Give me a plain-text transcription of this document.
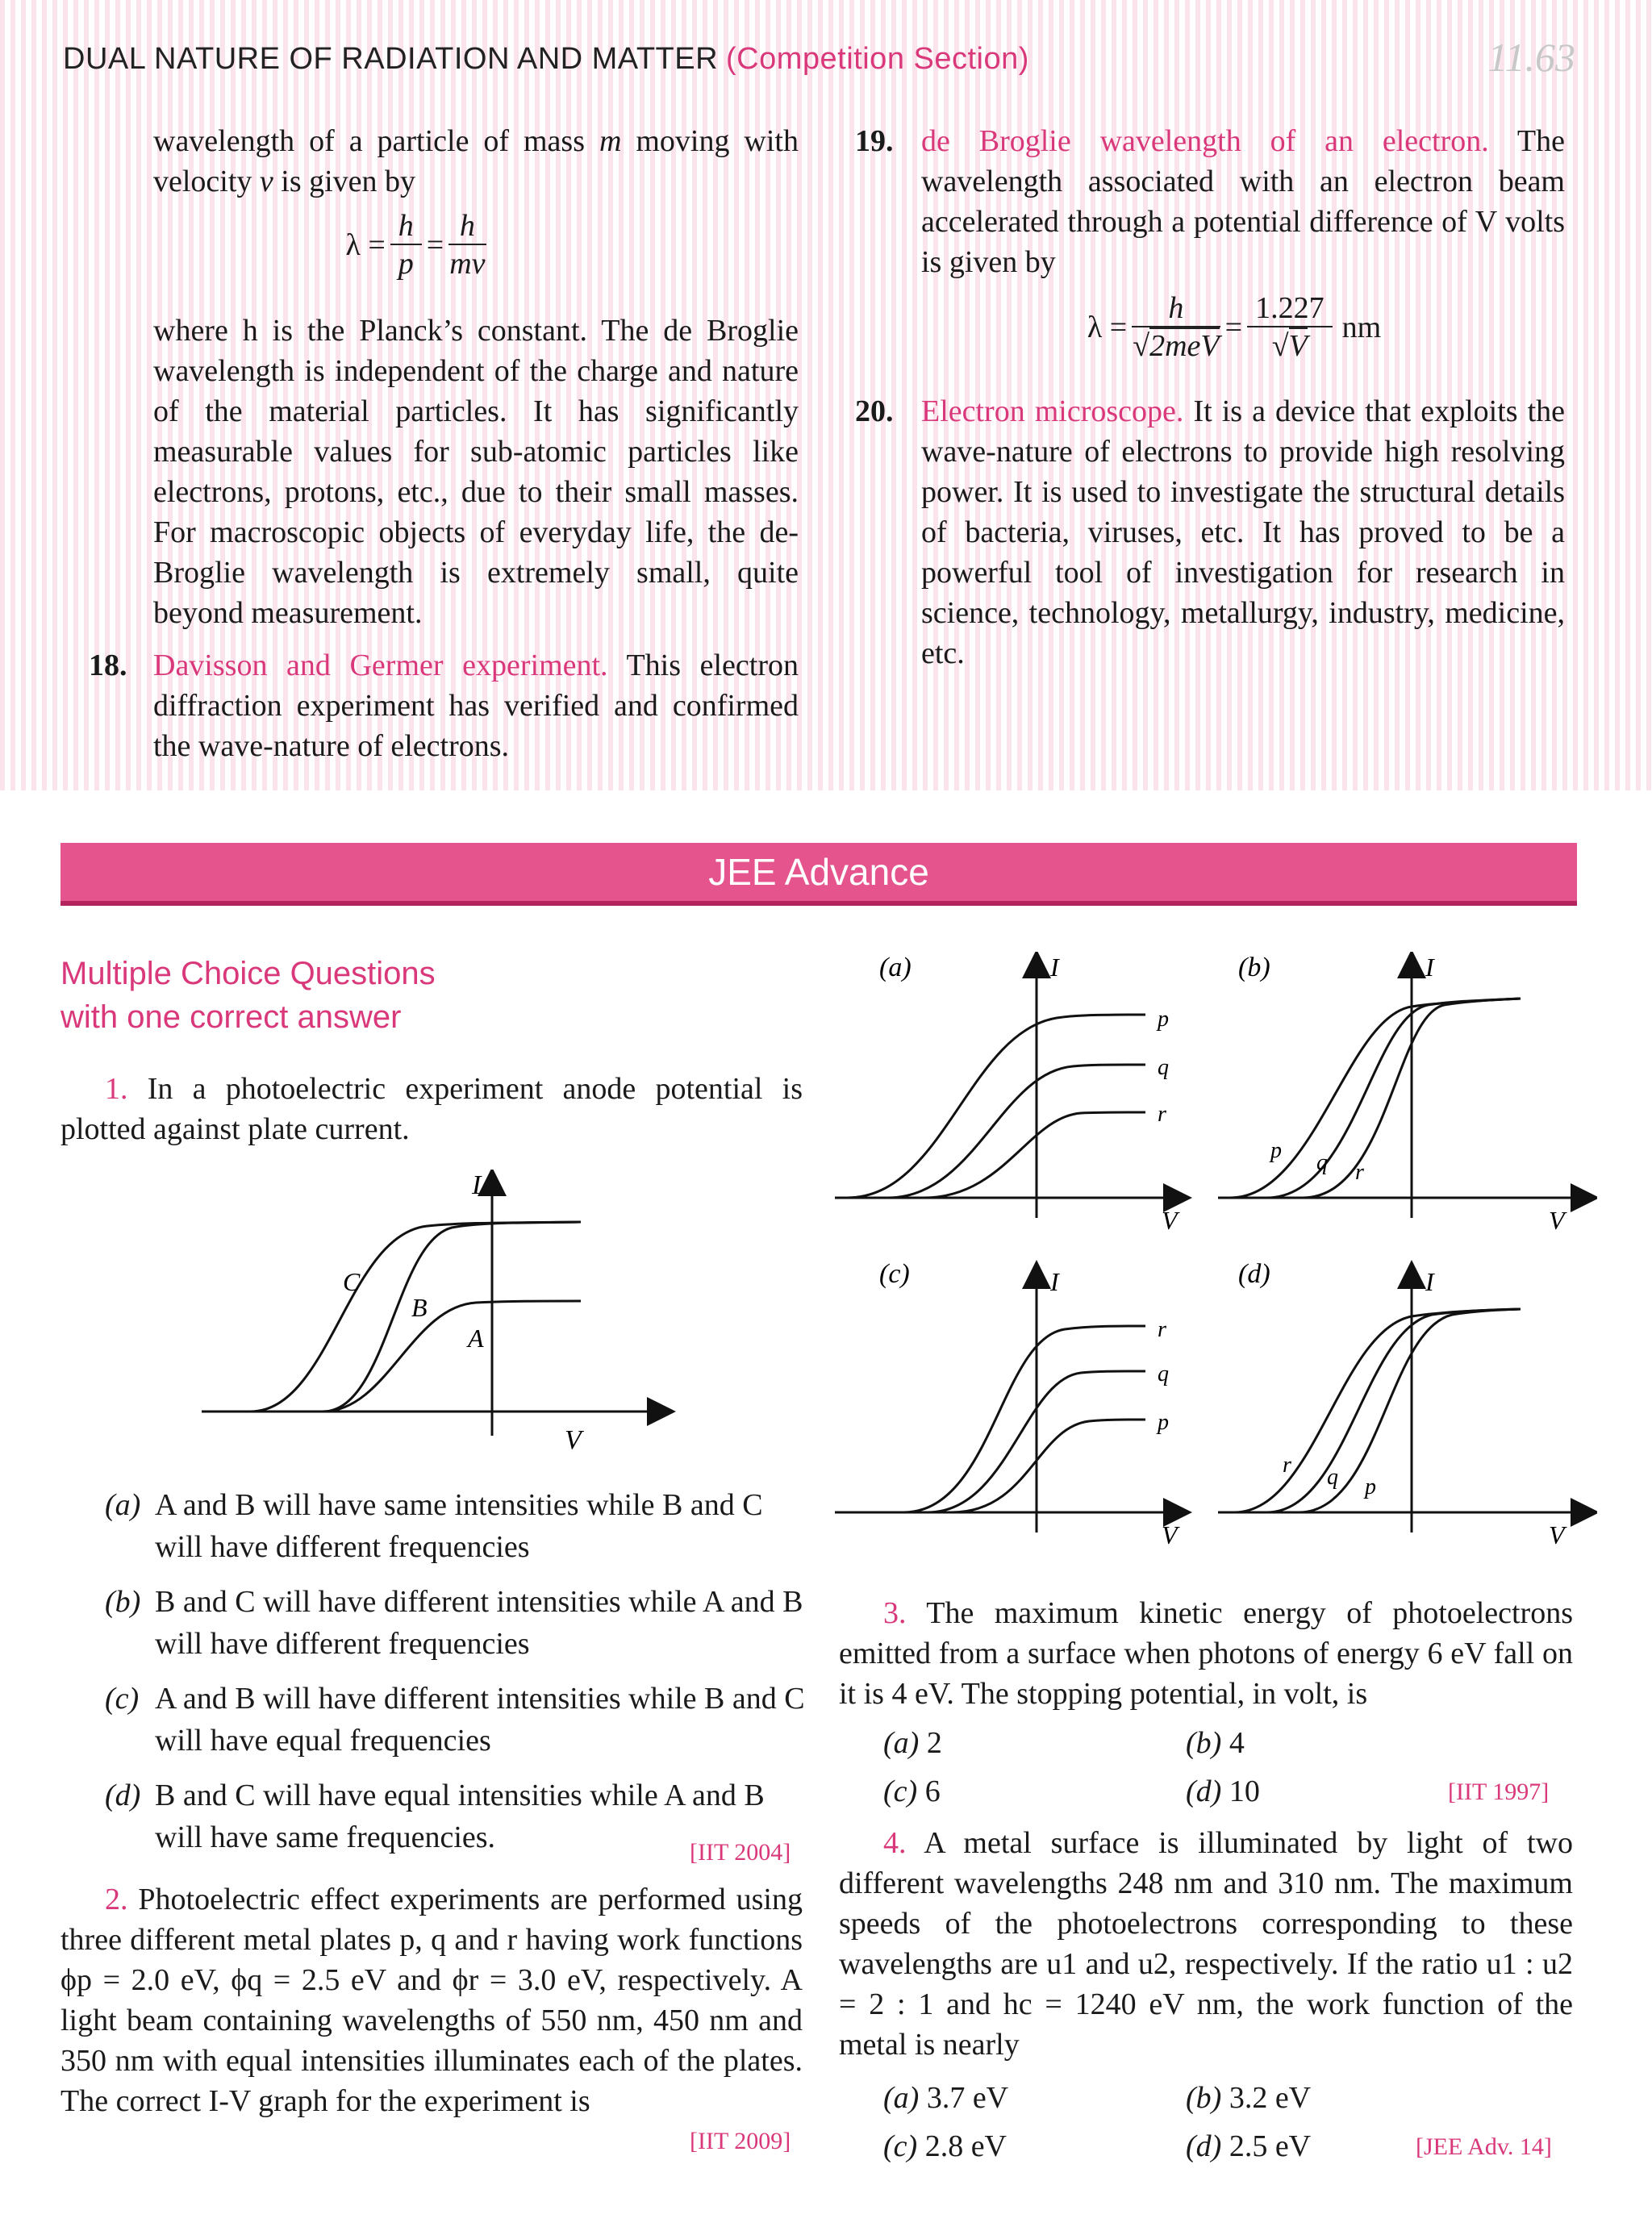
DUAL NATURE OF RADIATION AND MATTER (Competition Section)	11.63

wavelength of a particle of mass m moving with velocity v is given by

λ =	h	=	h
	p		mv

where h is the Planck’s constant. The de Broglie wavelength is independent of the charge and nature of the material particles. It has significantly measurable values for sub-atomic particles like electrons, protons, etc., due to their small masses. For macroscopic objects of everyday life, the de-Broglie wavelength is extremely small, quite beyond measurement.

18. Davisson and Germer experiment. This electron diffraction experiment has verified and confirmed the wave-nature of electrons.

19. de Broglie wavelength of an electron. The wavelength associated with an electron beam accelerated through a potential difference of V volts is given by

λ =	h	=	1.227	nm
	√2meV		√V	
20. Electron microscope. It is a device that exploits the wave-nature of electrons to provide high resolving power. It is used to investigate the structural details of bacteria, viruses, etc. It has proved to be a powerful tool of investigation for research in science, technology, metallurgy, industry, medicine, etc.

JEE Advance
Multiple Choice Questions
with one correct answer
1. In a photoelectric experiment anode potential is plotted against plate current.
I
V
C
B
A
(a) A and B will have same intensities while B and C will have different frequencies
(b) B and C will have different intensities while A and B will have different frequencies
(c) A and B will have different intensities while B and C will have equal frequencies
(d) B and C will have equal intensities while A and B will have same frequencies.	[IIT 2004]
2. Photoelectric effect experiments are performed using three different metal plates p, q and r having work functions ϕp = 2.0 eV, ϕq = 2.5 eV and ϕr = 3.0 eV, respectively. A light beam containing wavelengths of 550 nm, 450 nm and 350 nm with equal intensities illuminates each of the plates. The correct I-V graph for the experiment is
[IIT 2009]
(a)	I
p
q
r
V
(b)	I
p q r
V
(c)	I
r
q
p
V
(d)	I
r q p
V
3. The maximum kinetic energy of photoelectrons emitted from a surface when photons of energy 6 eV fall on it is 4 eV. The stopping potential, in volt, is
(a) 2	(b) 4
(c) 6	(d) 10	[IIT 1997]
4. A metal surface is illuminated by light of two different wavelengths 248 nm and 310 nm. The maximum speeds of the photoelectrons corresponding to these wavelengths are u1 and u2, respectively. If the ratio u1 : u2 = 2 : 1 and hc = 1240 eV nm, the work function of the metal is nearly
(a) 3.7 eV	(b) 3.2 eV
(c) 2.8 eV	(d) 2.5 eV	[JEE Adv. 14]
